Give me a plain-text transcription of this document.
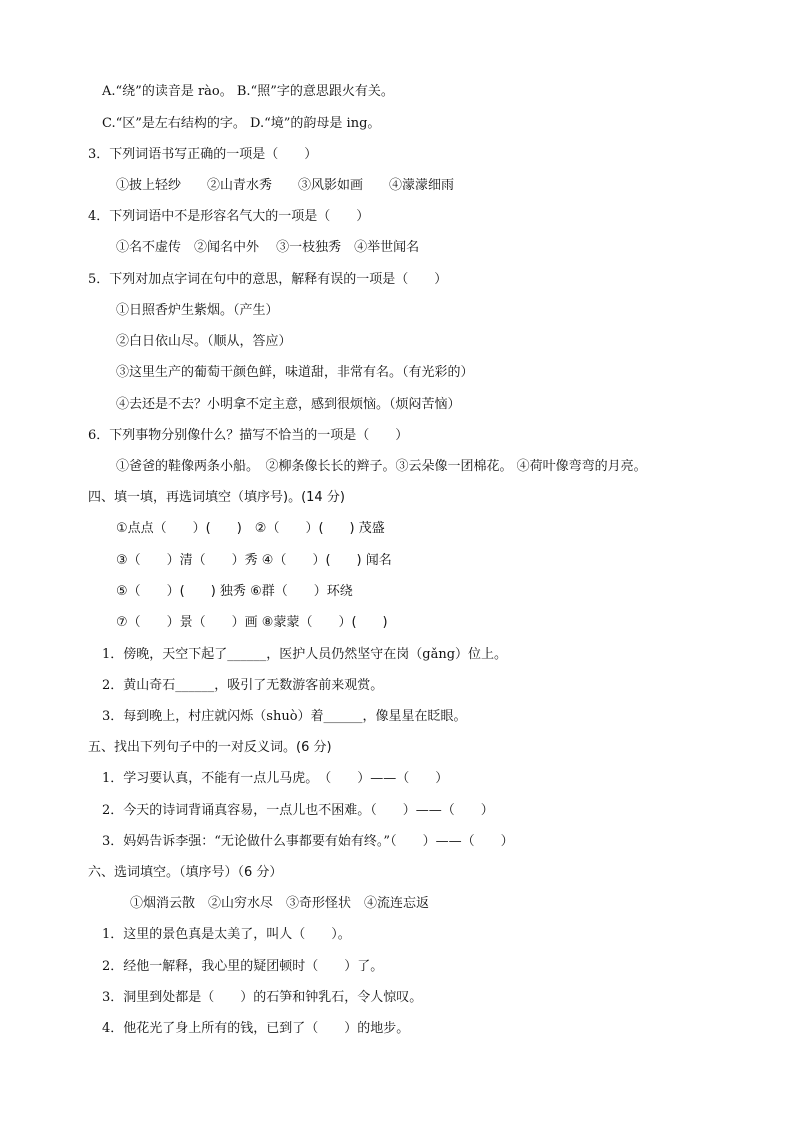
A.“绕”的读音是 rào。 B.“照”字的意思跟火有关。
C.“区”是左右结构的字。 D.“境”的韵母是 ing。
3．下列词语书写正确的一项是（　　）
①披上轻纱　　②山青水秀　　③风影如画　　④濛濛细雨
4．下列词语中不是形容名气大的一项是（　　）
①名不虚传　②闻名中外　 ③一枝独秀　④举世闻名
5．下列对加点字词在句中的意思，解释有误的一项是（　　）
①日照香炉生紫烟。（产生）
②白日依山尽。（顺从，答应）
③这里生产的葡萄干颜色鲜，味道甜，非常有名。（有光彩的）
④去还是不去？小明拿不定主意，感到很烦恼。（烦闷苦恼）
6．下列事物分别像什么？描写不恰当的一项是（　　）
①爸爸的鞋像两条小船。　②柳条像长长的辫子。③云朵像一团棉花。 ④荷叶像弯弯的月亮。
四、填一填，再选词填空（填序号)。(14 分)
①点点（　　）(　　)　②（　　）(　　) 茂盛
③（　　）清（　　）秀 ④（　　）(　　) 闻名
⑤（　　）(　　) 独秀 ⑥群（　　）环绕
⑦（　　）景（　　）画 ⑧蒙蒙（　　）(　　)
1．傍晚，天空下起了______，医护人员仍然坚守在岗（gǎng）位上。
2．黄山奇石______，吸引了无数游客前来观赏。
3．每到晚上，村庄就闪烁（shuò）着______，像星星在眨眼。
五、找出下列句子中的一对反义词。(6 分)
1．学习要认真，不能有一点儿马虎。　（　　）——（　　）
2．今天的诗词背诵真容易，一点儿也不困难。（　　）——（　　）
3．妈妈告诉李强：“无论做什么事都要有始有终。”（　　）——（　　）
六、选词填空。（填序号）（6 分）
①烟消云散　②山穷水尽　③奇形怪状　④流连忘返
1．这里的景色真是太美了，叫人（　　）。
2．经他一解释，我心里的疑团顿时（　　）了。
3．洞里到处都是（　　）的石笋和钟乳石，令人惊叹。
4．他花光了身上所有的钱，已到了（　　）的地步。
